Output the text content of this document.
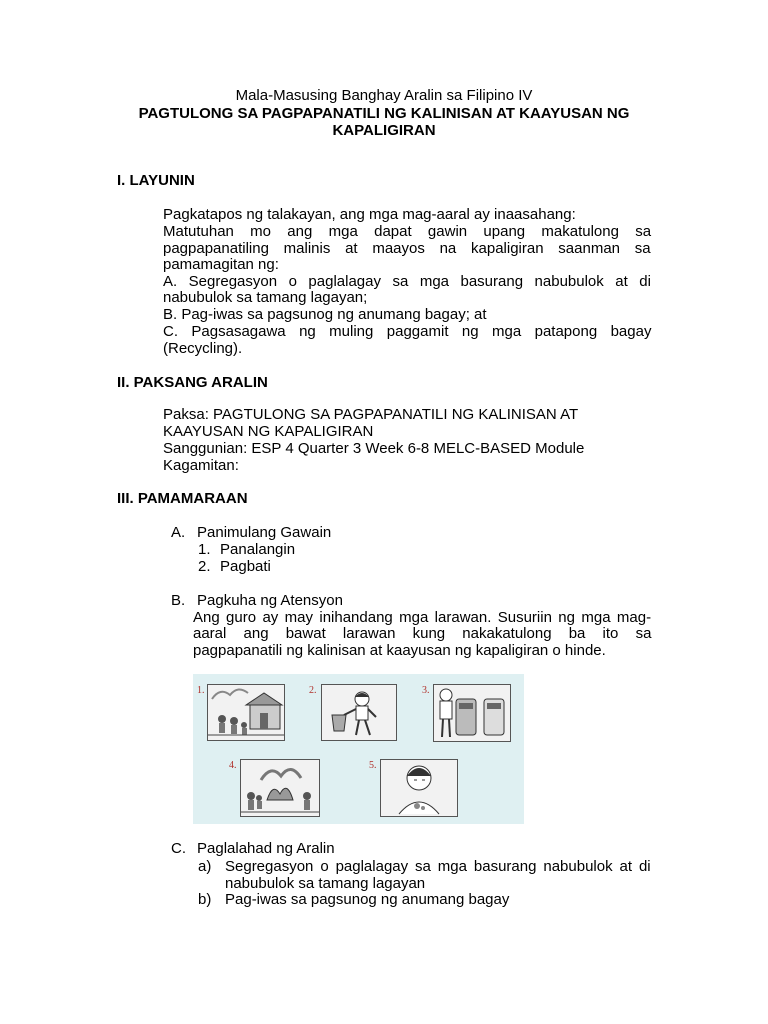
Mala-Masusing Banghay Aralin sa Filipino IV
PAGTULONG SA PAGPAPANATILI NG KALINISAN AT KAAYUSAN NG
KAPALIGIRAN
I. LAYUNIN
Pagkatapos ng talakayan, ang mga mag-aaral ay inaasahang:
Matutuhan mo ang mga dapat gawin upang makatulong sa
pagpapanatiling malinis at maayos na kapaligiran saanman sa
pamamagitan ng:
A. Segregasyon o paglalagay sa mga basurang nabubulok at di
nabubulok sa tamang lagayan;
B. Pag-iwas sa pagsunog ng anumang bagay; at
C. Pagsasagawa ng muling paggamit ng mga patapong bagay
(Recycling).
II. PAKSANG ARALIN
Paksa: PAGTULONG SA PAGPAPANATILI NG KALINISAN AT
KAAYUSAN NG KAPALIGIRAN
Sanggunian: ESP 4 Quarter 3 Week 6-8 MELC-BASED Module
Kagamitan:
III. PAMAMARAAN
A. Panimulang Gawain
1. Panalangin
2. Pagbati
B. Pagkuha ng Atensyon
Ang guro ay may inihandang mga larawan. Susuriin ng mga mag-
aaral ang bawat larawan kung nakakatulong ba ito sa
pagpapanatili ng kalinisan at kaayusan ng kapaligiran o hinde.
1.	2.	3.
4.	5.
C. Paglalahad ng Aralin
a) Segregasyon o paglalagay sa mga basurang nabubulok at di
nabubulok sa tamang lagayan
b) Pag-iwas sa pagsunog ng anumang bagay
